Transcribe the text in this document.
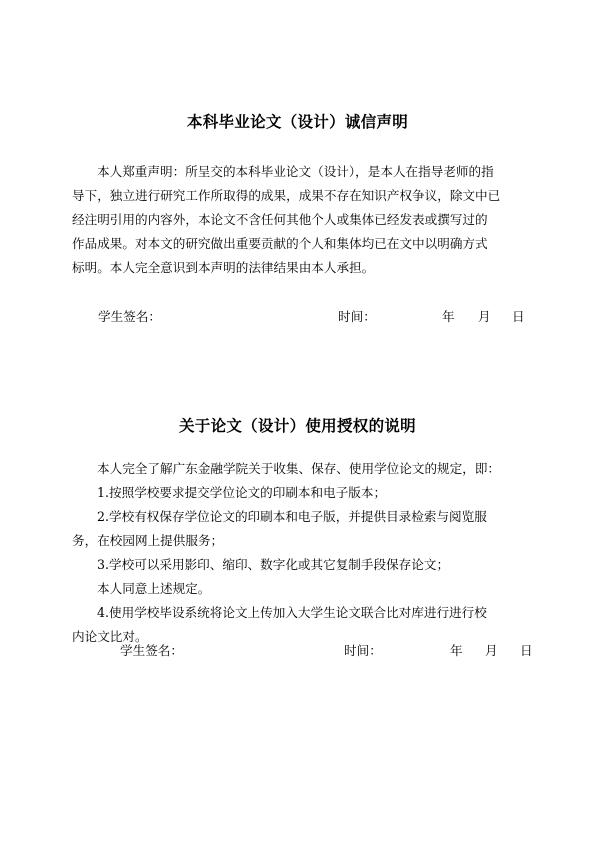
本科毕业论文（设计）诚信声明
本人郑重声明：所呈交的本科毕业论文（设计），是本人在指导老师的指
导下，独立进行研究工作所取得的成果，成果不存在知识产权争议，除文中已
经注明引用的内容外，本论文不含任何其他个人或集体已经发表或撰写过的
作品成果。对本文的研究做出重要贡献的个人和集体均已在文中以明确方式
标明。本人完全意识到本声明的法律结果由本人承担。
学生签名：	时间：	年 月 日
关于论文（设计）使用授权的说明
本人完全了解广东金融学院关于收集、保存、使用学位论文的规定，即：
1.按照学校要求提交学位论文的印刷本和电子版本；
2.学校有权保存学位论文的印刷本和电子版，并提供目录检索与阅览服
务，在校园网上提供服务；
3.学校可以采用影印、缩印、数字化或其它复制手段保存论文；
本人同意上述规定。
4.使用学校毕设系统将论文上传加入大学生论文联合比对库进行进行校
内论文比对。
学生签名：	时间：	年 月 日
